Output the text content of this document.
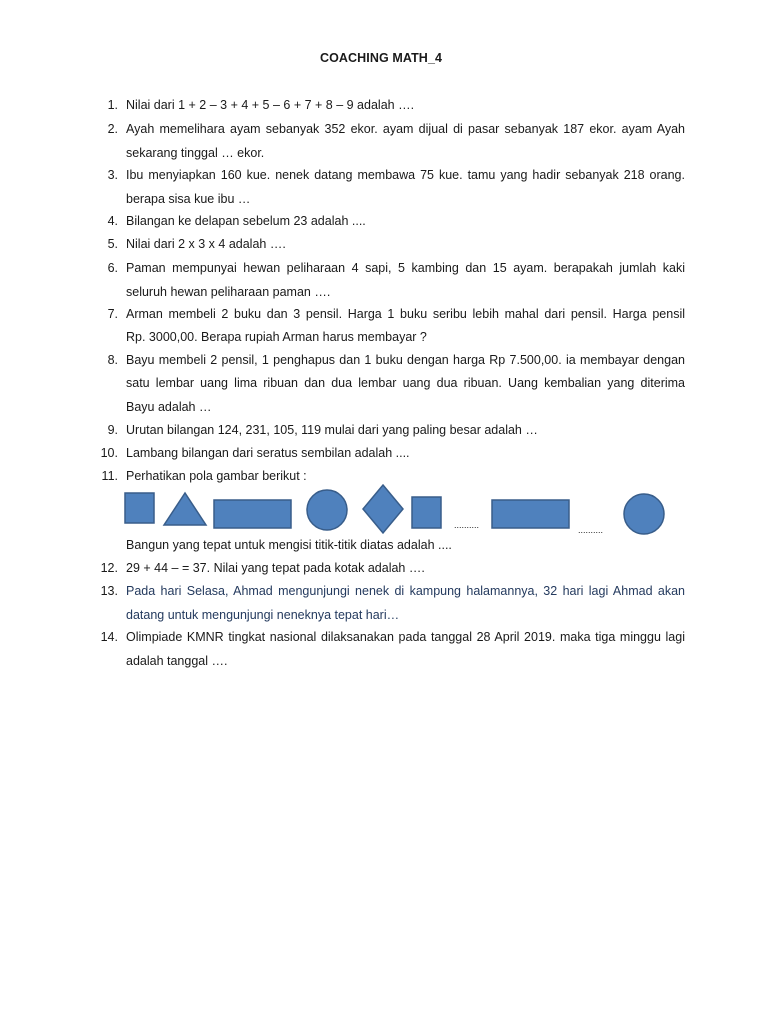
COACHING MATH_4
1. Nilai dari 1 + 2 – 3 + 4 + 5 – 6 + 7 + 8 – 9 adalah ….
2. Ayah memelihara ayam sebanyak 352 ekor. ayam dijual di pasar sebanyak 187 ekor. ayam Ayah
sekarang tinggal … ekor.
3. Ibu menyiapkan 160 kue. nenek datang membawa 75 kue. tamu yang hadir sebanyak 218 orang.
berapa sisa kue ibu …
4. Bilangan ke delapan sebelum 23 adalah ....
5. Nilai dari 2 x 3 x 4 adalah ….
6. Paman mempunyai hewan peliharaan 4 sapi, 5 kambing dan 15 ayam. berapakah jumlah kaki
seluruh hewan peliharaan paman ….
7. Arman membeli 2 buku dan 3 pensil. Harga 1 buku seribu lebih mahal dari pensil. Harga pensil
Rp. 3000,00. Berapa rupiah Arman harus membayar ?
8. Bayu membeli 2 pensil, 1 penghapus dan 1 buku dengan harga Rp 7.500,00. ia membayar dengan
satu lembar uang lima ribuan dan dua lembar uang dua ribuan. Uang kembalian yang diterima
Bayu adalah …
9. Urutan bilangan 124, 231, 105, 119 mulai dari yang paling besar adalah …
10. Lambang bilangan dari seratus sembilan adalah ....
11. Perhatikan pola gambar berikut :
..........	..........
Bangun yang tepat untuk mengisi titik-titik diatas adalah ....
12. 29 + 44 – = 37. Nilai yang tepat pada kotak adalah ….
13. Pada hari Selasa, Ahmad mengunjungi nenek di kampung halamannya, 32 hari lagi Ahmad akan
datang untuk mengunjungi neneknya tepat hari…
14. Olimpiade KMNR tingkat nasional dilaksanakan pada tanggal 28 April 2019. maka tiga minggu lagi
adalah tanggal ….
